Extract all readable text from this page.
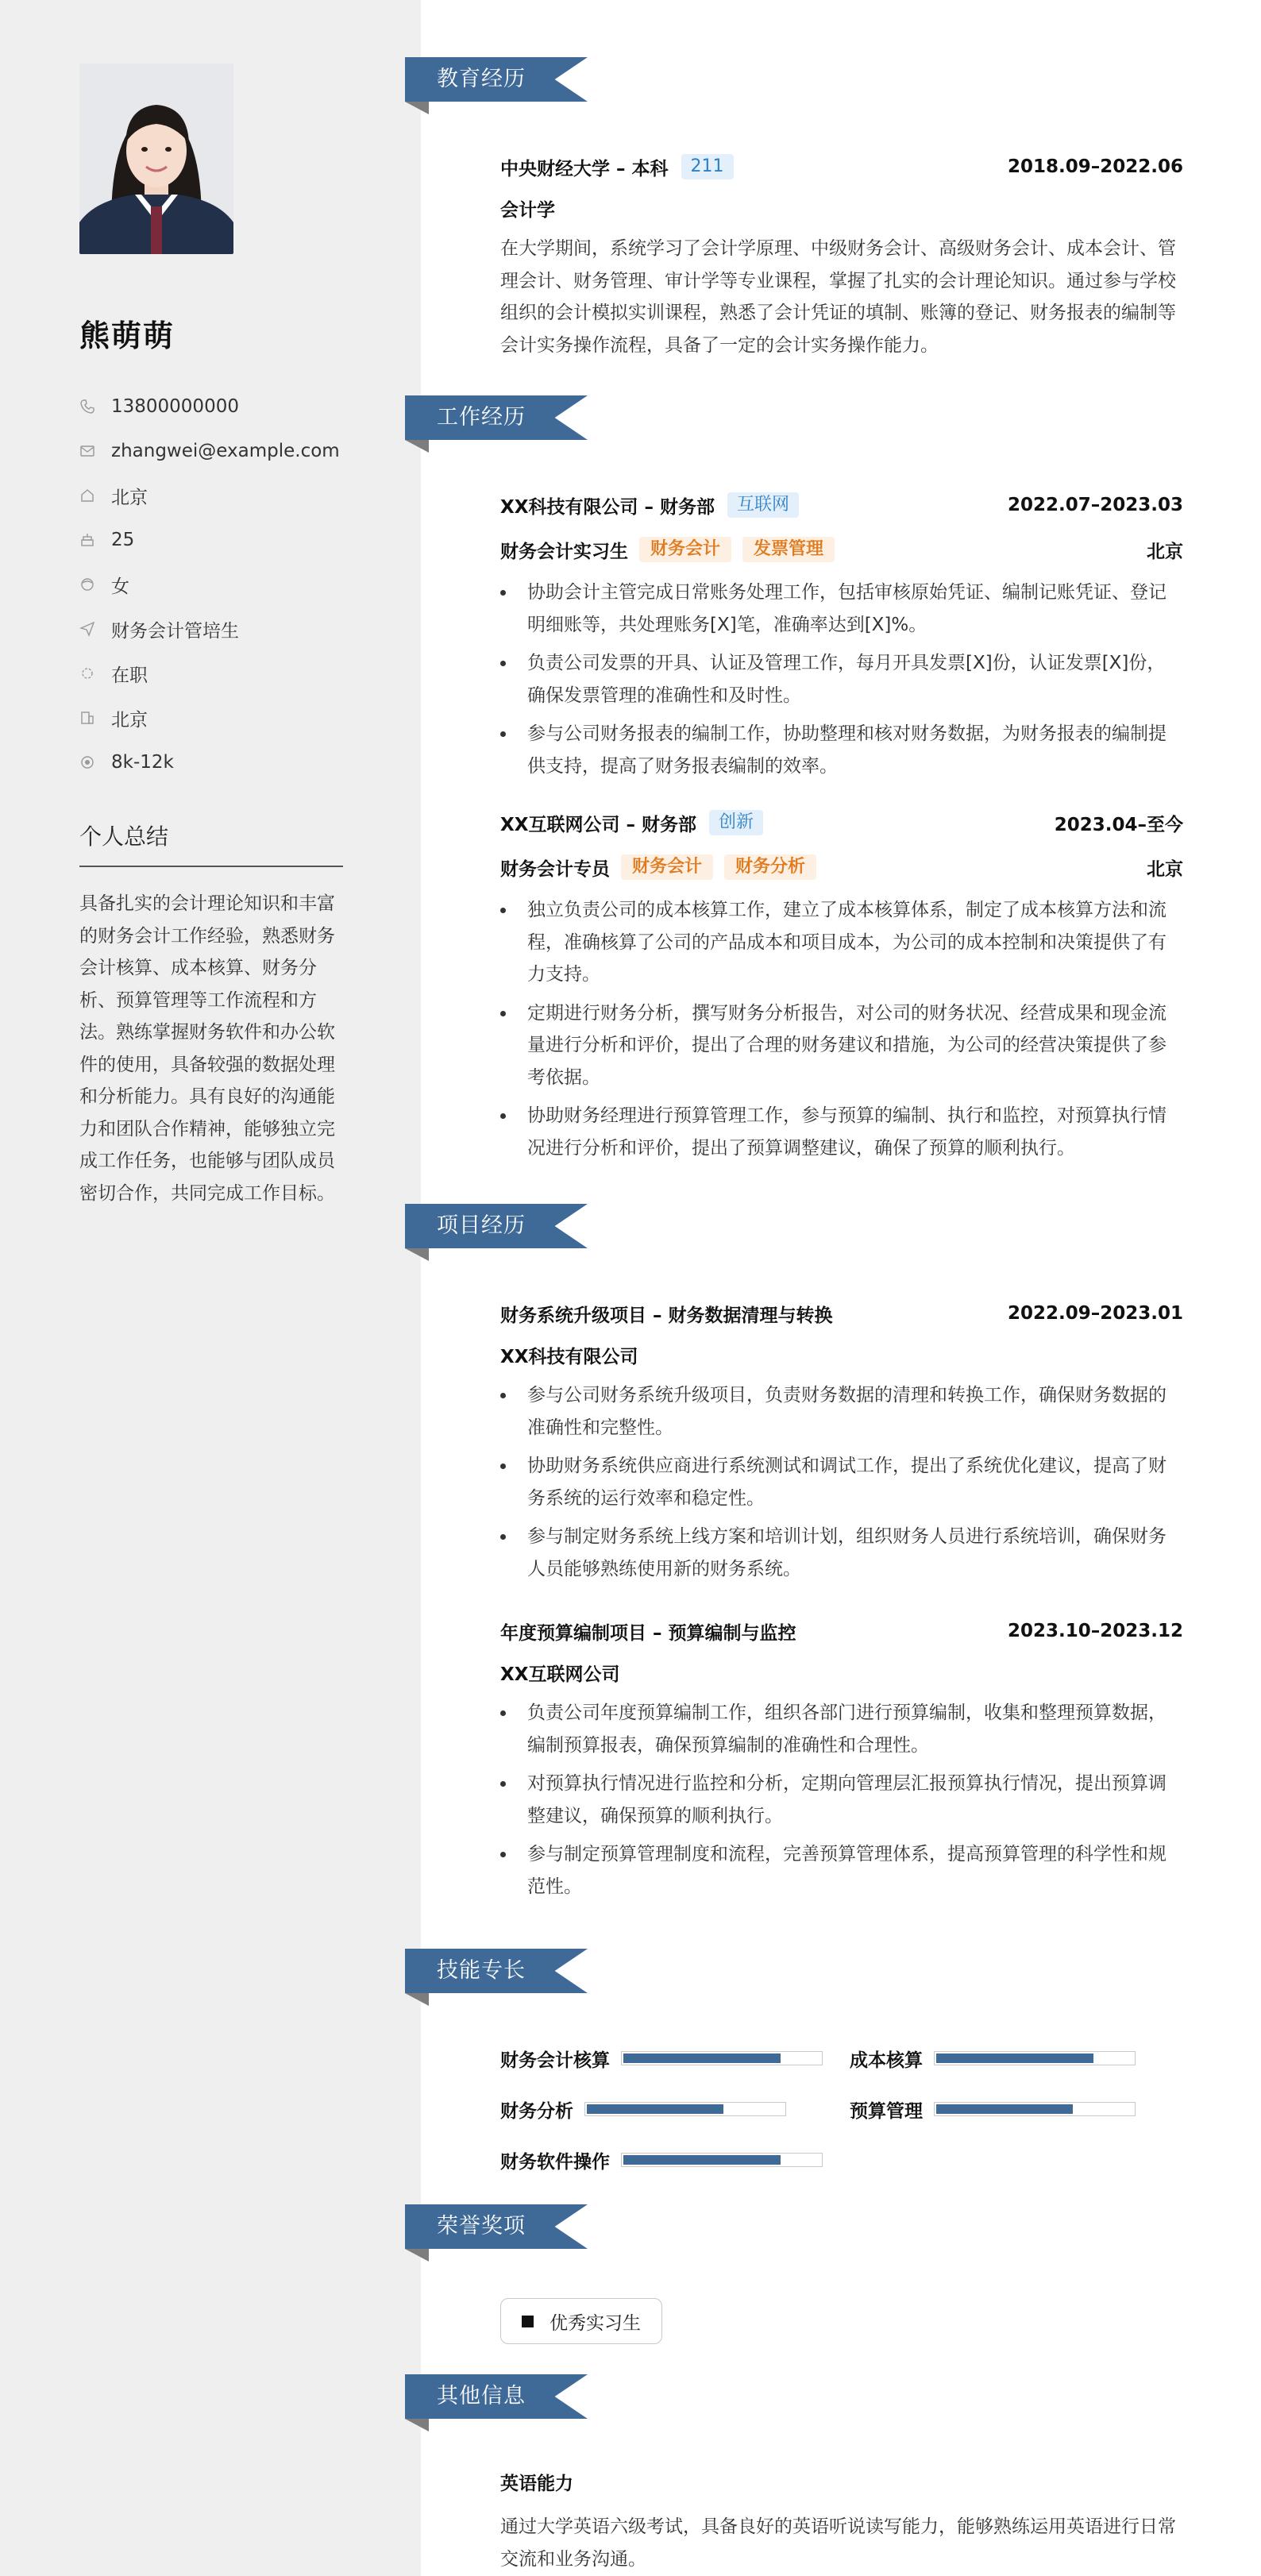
熊萌萌
13800000000
zhangwei@example.com
北京
25
女
财务会计管培生
在职
北京
8k-12k
个人总结
具备扎实的会计理论知识和丰富的财务会计工作经验，熟悉财务会计核算、成本核算、财务分析、预算管理等工作流程和方法。熟练掌握财务软件和办公软件的使用，具备较强的数据处理和分析能力。具有良好的沟通能力和团队合作精神，能够独立完成工作任务，也能够与团队成员密切合作，共同完成工作目标。
教育经历
中央财经大学 – 本科	211	2018.09–2022.06
会计学
在大学期间，系统学习了会计学原理、中级财务会计、高级财务会计、成本会计、管理会计、财务管理、审计学等专业课程，掌握了扎实的会计理论知识。通过参与学校组织的会计模拟实训课程，熟悉了会计凭证的填制、账簿的登记、财务报表的编制等会计实务操作流程，具备了一定的会计实务操作能力。
工作经历
XX科技有限公司 – 财务部	互联网	2022.07–2023.03
财务会计实习生	财务会计	发票管理	北京
协助会计主管完成日常账务处理工作，包括审核原始凭证、编制记账凭证、登记明细账等，共处理账务[X]笔，准确率达到[X]%。
负责公司发票的开具、认证及管理工作，每月开具发票[X]份，认证发票[X]份，确保发票管理的准确性和及时性。
参与公司财务报表的编制工作，协助整理和核对财务数据，为财务报表的编制提供支持，提高了财务报表编制的效率。
XX互联网公司 – 财务部	创新	2023.04–至今
财务会计专员	财务会计	财务分析	北京
独立负责公司的成本核算工作，建立了成本核算体系，制定了成本核算方法和流程，准确核算了公司的产品成本和项目成本，为公司的成本控制和决策提供了有力支持。
定期进行财务分析，撰写财务分析报告，对公司的财务状况、经营成果和现金流量进行分析和评价，提出了合理的财务建议和措施，为公司的经营决策提供了参考依据。
协助财务经理进行预算管理工作，参与预算的编制、执行和监控，对预算执行情况进行分析和评价，提出了预算调整建议，确保了预算的顺利执行。
项目经历
财务系统升级项目 – 财务数据清理与转换	2022.09–2023.01
XX科技有限公司
参与公司财务系统升级项目，负责财务数据的清理和转换工作，确保财务数据的准确性和完整性。
协助财务系统供应商进行系统测试和调试工作，提出了系统优化建议，提高了财务系统的运行效率和稳定性。
参与制定财务系统上线方案和培训计划，组织财务人员进行系统培训，确保财务人员能够熟练使用新的财务系统。
年度预算编制项目 – 预算编制与监控	2023.10–2023.12
XX互联网公司
负责公司年度预算编制工作，组织各部门进行预算编制，收集和整理预算数据，编制预算报表，确保预算编制的准确性和合理性。
对预算执行情况进行监控和分析，定期向管理层汇报预算执行情况，提出预算调整建议，确保预算的顺利执行。
参与制定预算管理制度和流程，完善预算管理体系，提高预算管理的科学性和规范性。
技能专长
财务会计核算	成本核算
财务分析	预算管理
财务软件操作
荣誉奖项
优秀实习生
其他信息
英语能力
通过大学英语六级考试，具备良好的英语听说读写能力，能够熟练运用英语进行日常交流和业务沟通。
